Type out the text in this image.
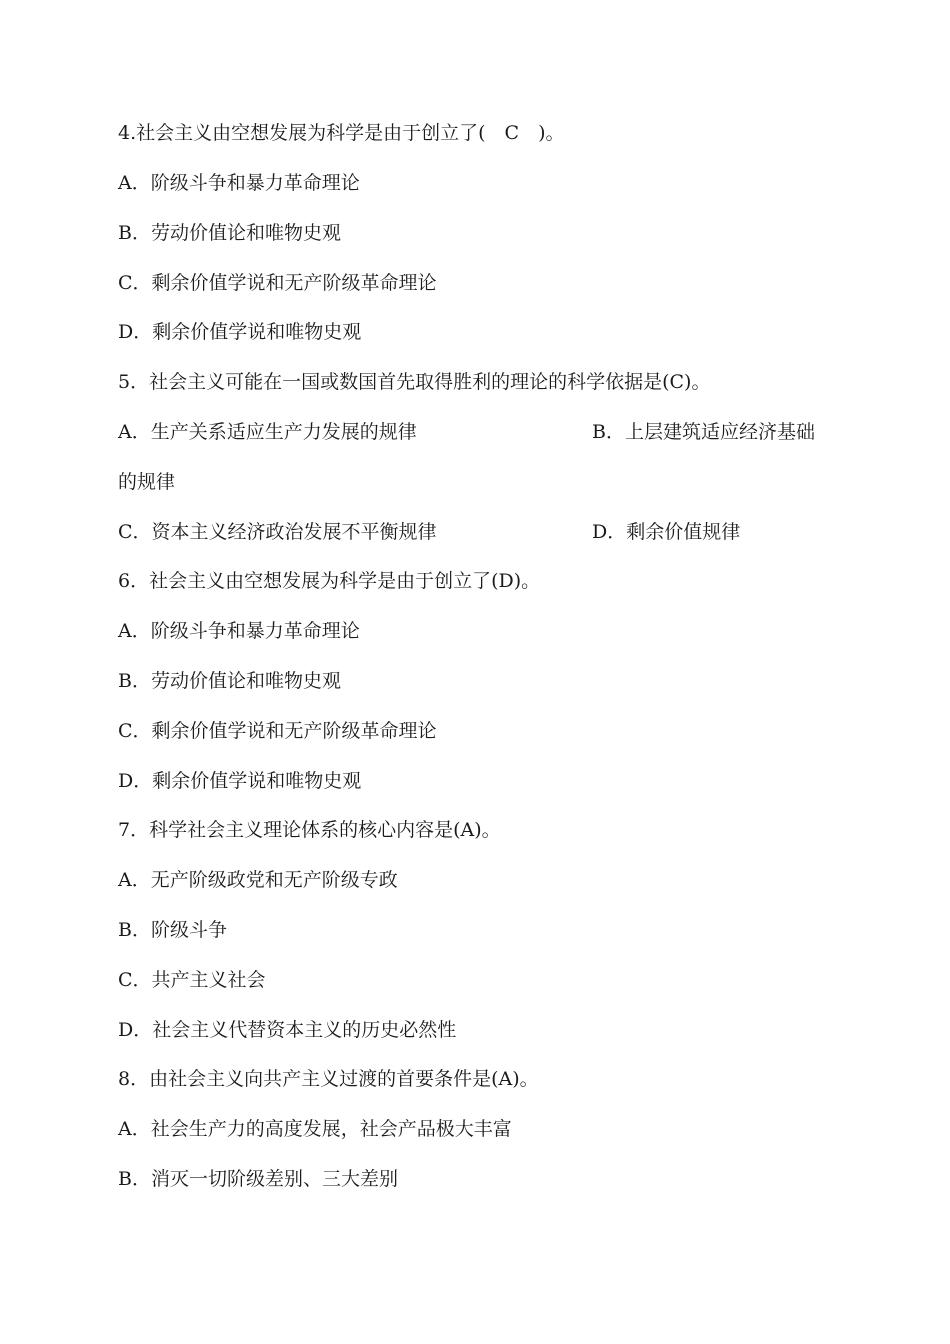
4.社会主义由空想发展为科学是由于创立了(　C　)。
A．阶级斗争和暴力革命理论
B．劳动价值论和唯物史观
C．剩余价值学说和无产阶级革命理论
D．剩余价值学说和唯物史观
5．社会主义可能在一国或数国首先取得胜利的理论的科学依据是(C)。
A．生产关系适应生产力发展的规律	B．上层建筑适应经济基础
的规律
C．资本主义经济政治发展不平衡规律	D．剩余价值规律
6．社会主义由空想发展为科学是由于创立了(D)。
A．阶级斗争和暴力革命理论
B．劳动价值论和唯物史观
C．剩余价值学说和无产阶级革命理论
D．剩余价值学说和唯物史观
7．科学社会主义理论体系的核心内容是(A)。
A．无产阶级政党和无产阶级专政
B．阶级斗争
C．共产主义社会
D．社会主义代替资本主义的历史必然性
8．由社会主义向共产主义过渡的首要条件是(A)。
A．社会生产力的高度发展，社会产品极大丰富
B．消灭一切阶级差别、三大差别
